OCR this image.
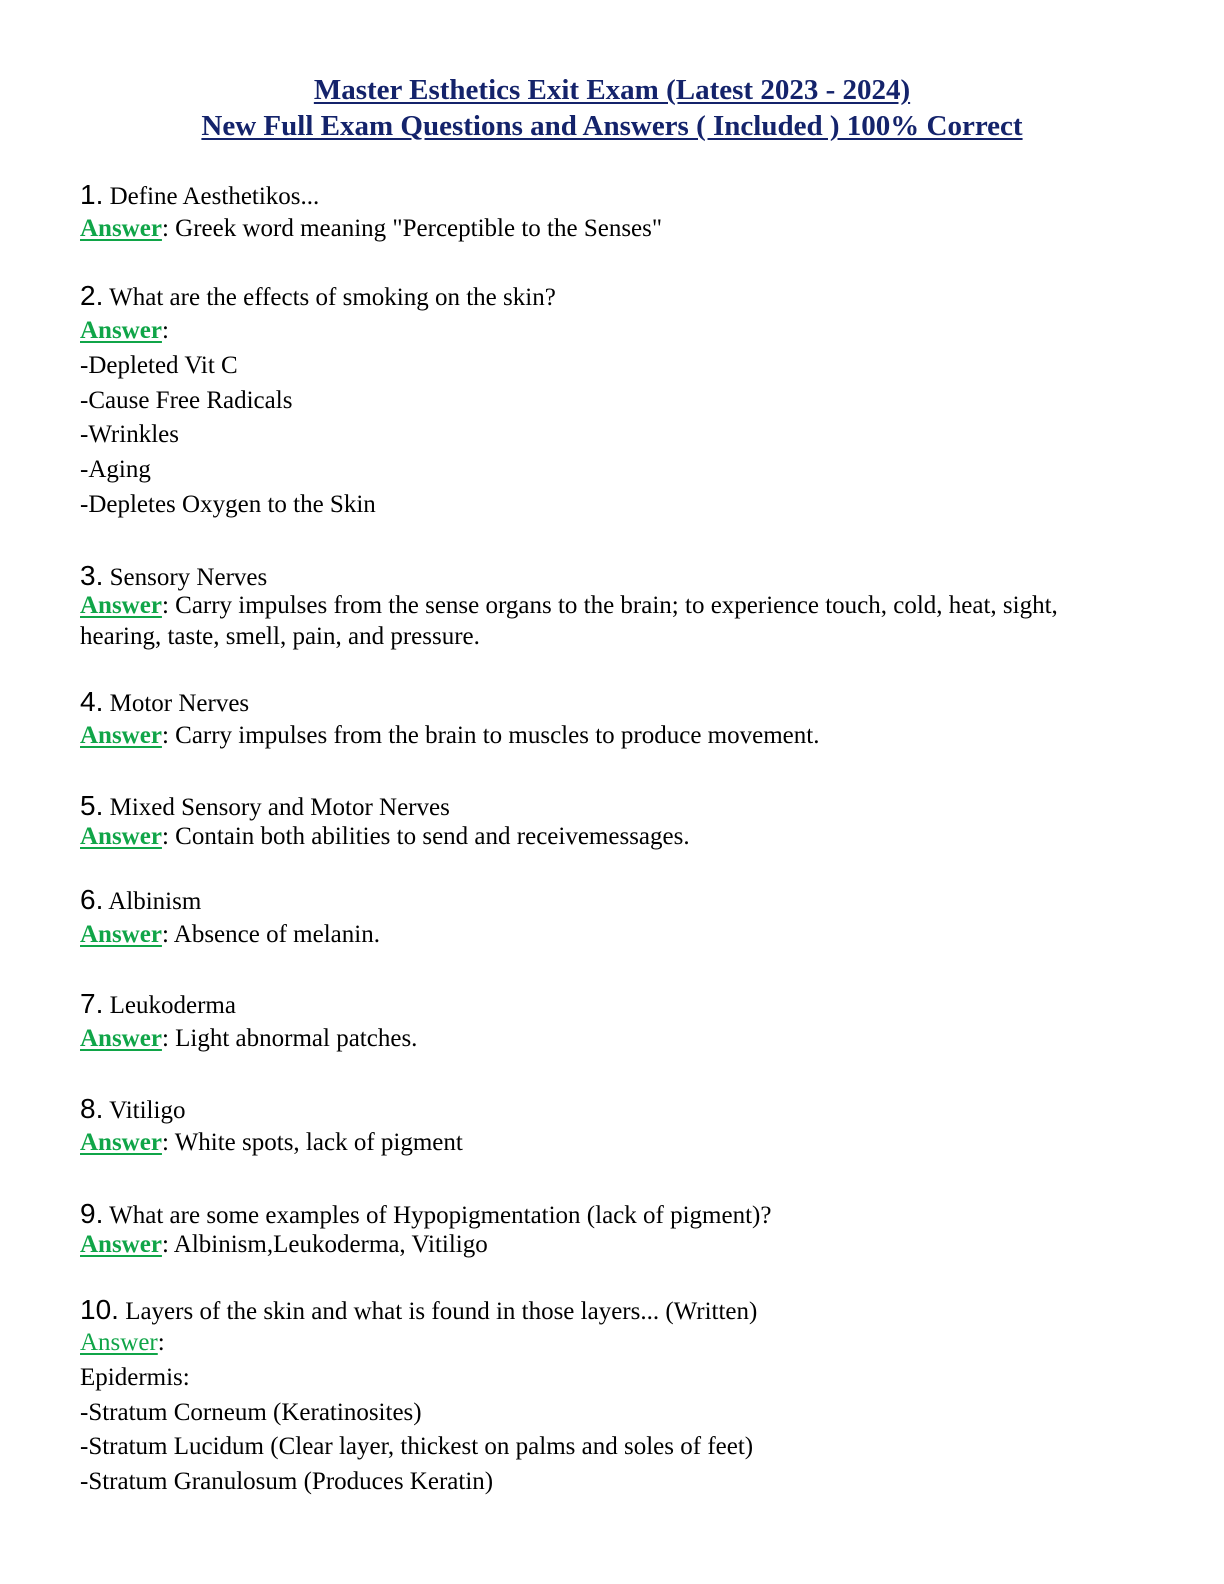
Master Esthetics Exit Exam (Latest 2023 - 2024)
New Full Exam Questions and Answers ( Included ) 100% Correct
1. Define Aesthetikos...
Answer: Greek word meaning "Perceptible to the Senses"
2. What are the effects of smoking on the skin?
Answer:
-Depleted Vit C
-Cause Free Radicals
-Wrinkles
-Aging
-Depletes Oxygen to the Skin
3. Sensory Nerves
Answer: Carry impulses from the sense organs to the brain; to experience touch, cold, heat, sight, hearing, taste, smell, pain, and pressure.
4. Motor Nerves
Answer: Carry impulses from the brain to muscles to produce movement.
5. Mixed Sensory and Motor Nerves
Answer: Contain both abilities to send and receivemessages.
6. Albinism
Answer: Absence of melanin.
7. Leukoderma
Answer: Light abnormal patches.
8. Vitiligo
Answer: White spots, lack of pigment
9. What are some examples of Hypopigmentation (lack of pigment)?
Answer: Albinism,Leukoderma, Vitiligo
10. Layers of the skin and what is found in those layers... (Written)
Answer:
Epidermis:
-Stratum Corneum (Keratinosites)
-Stratum Lucidum (Clear layer, thickest on palms and soles of feet)
-Stratum Granulosum (Produces Keratin)
